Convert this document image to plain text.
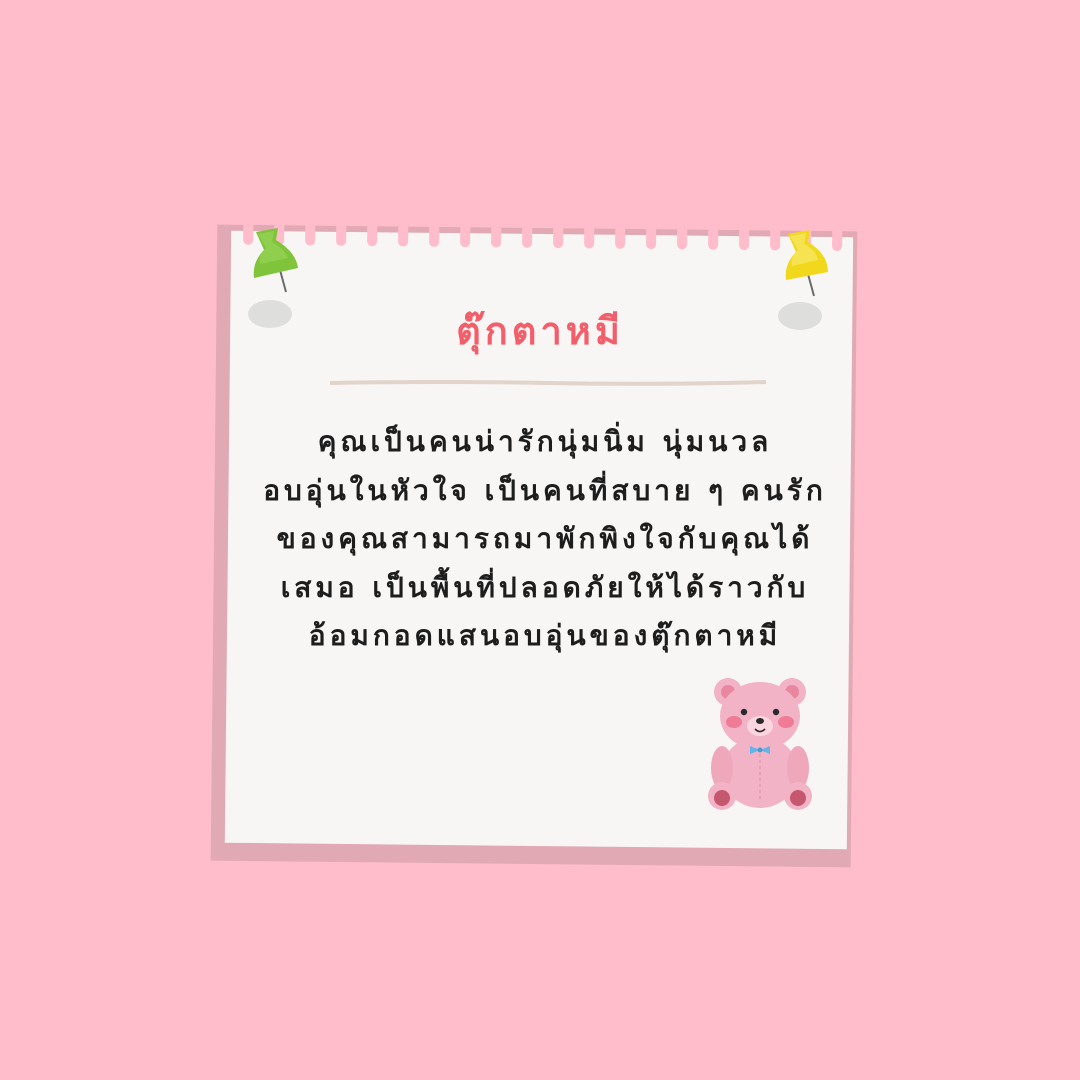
ตุ๊กตาหมี
คุณเป็นคนน่ารักนุ่มนิ่ม นุ่มนวล
อบอุ่นในหัวใจ เป็นคนที่สบาย ๆ คนรัก
ของคุณสามารถมาพักพิงใจกับคุณได้
เสมอ เป็นพื้นที่ปลอดภัยให้ได้ราวกับ
อ้อมกอดแสนอบอุ่นของตุ๊กตาหมี
